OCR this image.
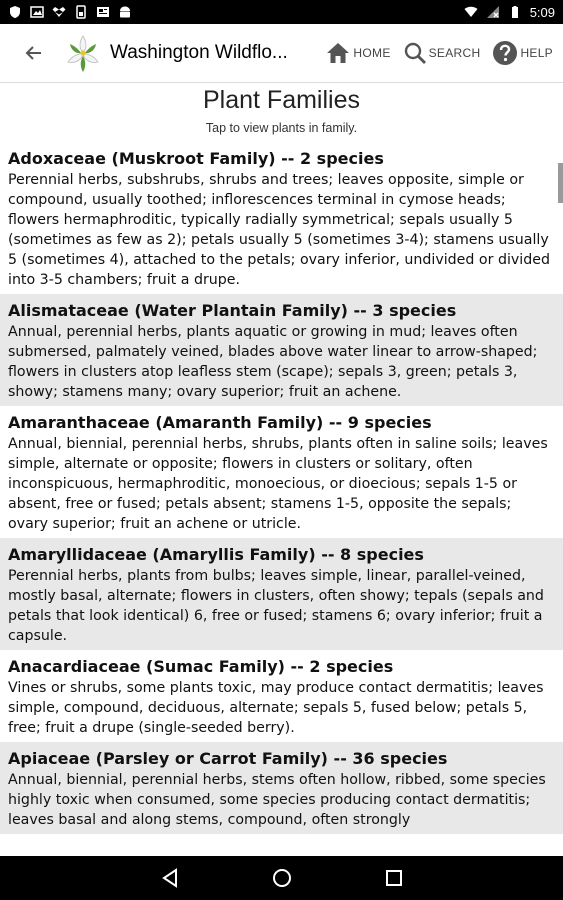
5:09
Washington Wildflo...	HOME	SEARCH	HELP
Plant Families
Tap to view plants in family.
Adoxaceae (Muskroot Family) -- 2 species
Perennial herbs, subshrubs, shrubs and trees; leaves opposite, simple or compound, usually toothed; inflorescences terminal in cymose heads; flowers hermaphroditic, typically radially symmetrical; sepals usually 5 (sometimes as few as 2); petals usually 5 (sometimes 3-4); stamens usually 5 (sometimes 4), attached to the petals; ovary inferior, undivided or divided into 3-5 chambers; fruit a drupe.
Alismataceae (Water Plantain Family) -- 3 species
Annual, perennial herbs, plants aquatic or growing in mud; leaves often submersed, palmately veined, blades above water linear to arrow-shaped; flowers in clusters atop leafless stem (scape); sepals 3, green; petals 3, showy; stamens many; ovary superior; fruit an achene.
Amaranthaceae (Amaranth Family) -- 9 species
Annual, biennial, perennial herbs, shrubs, plants often in saline soils; leaves simple, alternate or opposite; flowers in clusters or solitary, often inconspicuous, hermaphroditic, monoecious, or dioecious; sepals 1-5 or absent, free or fused; petals absent; stamens 1-5, opposite the sepals; ovary superior; fruit an achene or utricle.
Amaryllidaceae (Amaryllis Family) -- 8 species
Perennial herbs, plants from bulbs; leaves simple, linear, parallel-veined, mostly basal, alternate; flowers in clusters, often showy; tepals (sepals and petals that look identical) 6, free or fused; stamens 6; ovary inferior; fruit a capsule.
Anacardiaceae (Sumac Family) -- 2 species
Vines or shrubs, some plants toxic, may produce contact dermatitis; leaves simple, compound, deciduous, alternate; sepals 5, fused below; petals 5, free; fruit a drupe (single-seeded berry).
Apiaceae (Parsley or Carrot Family) -- 36 species
Annual, biennial, perennial herbs, stems often hollow, ribbed, some species highly toxic when consumed, some species producing contact dermatitis; leaves basal and along stems, compound, often strongly
